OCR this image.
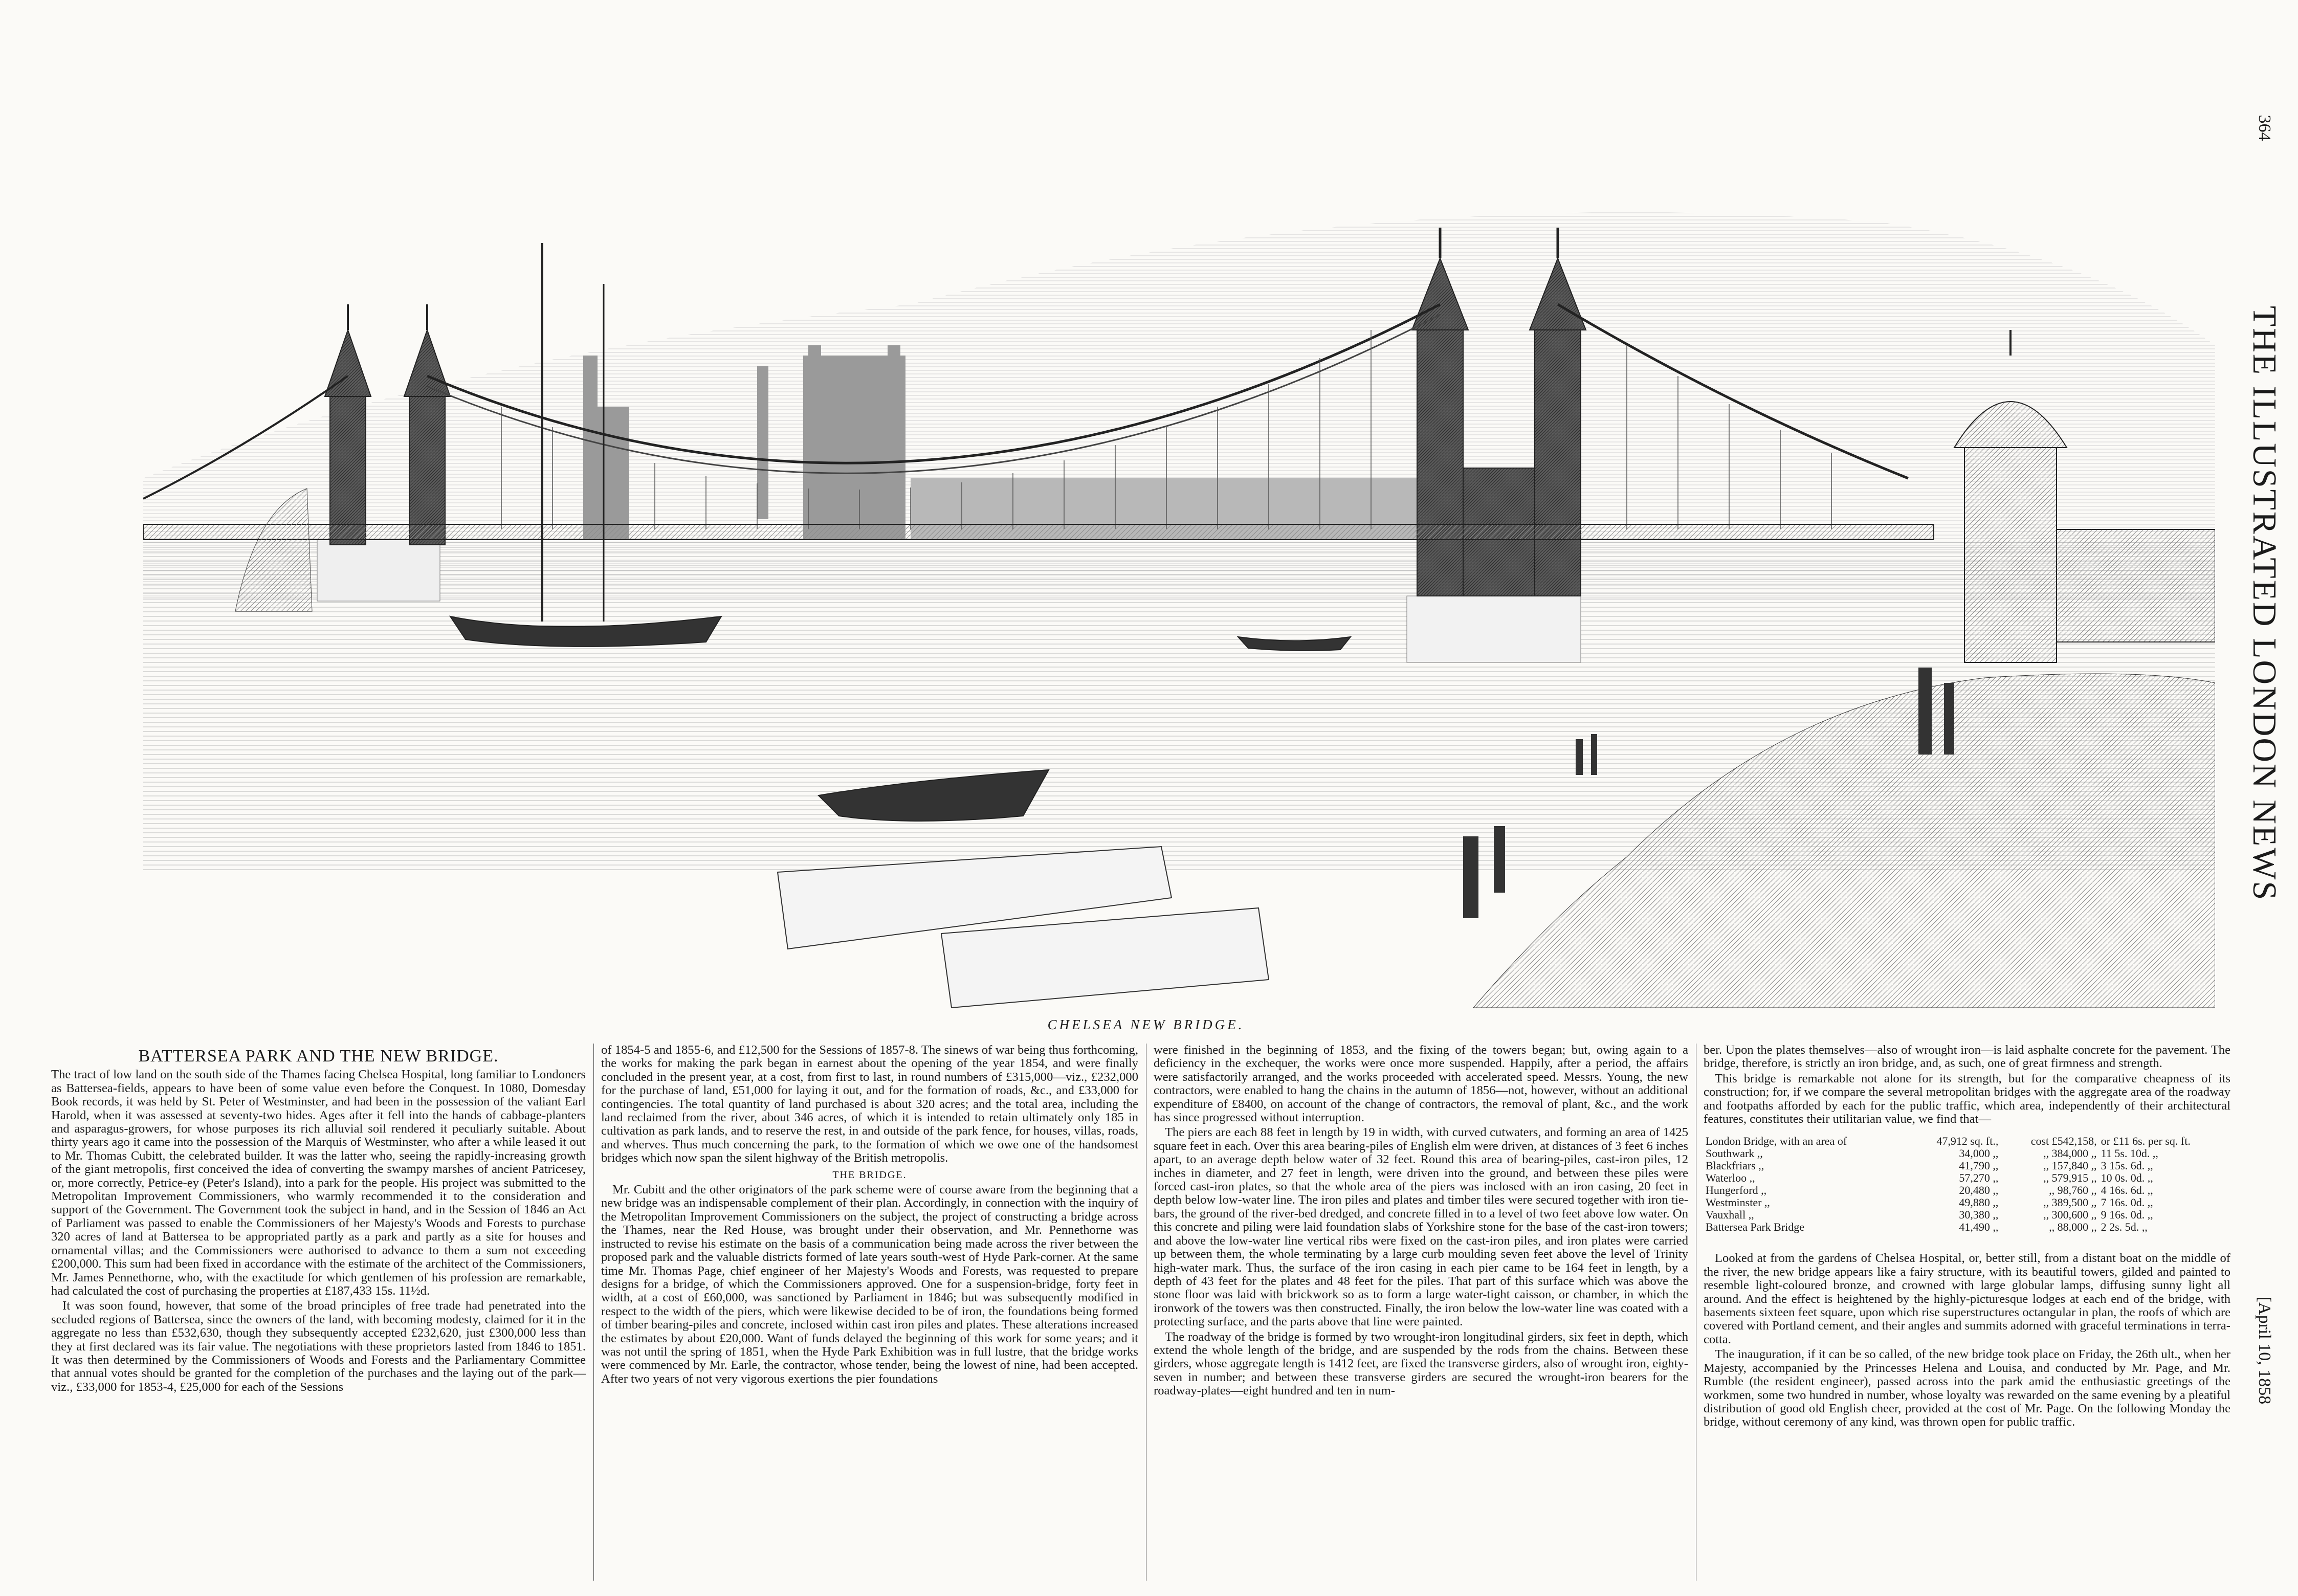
CHELSEA NEW BRIDGE.
364
THE ILLUSTRATED LONDON NEWS
[April 10, 1858
BATTERSEA PARK AND THE NEW BRIDGE.

The tract of low land on the south side of the Thames facing Chelsea Hospital, long familiar to Londoners as Battersea-fields, appears to have been of some value even before the Conquest. In 1080, Domesday Book records, it was held by St. Peter of Westminster, and had been in the possession of the valiant Earl Harold, when it was assessed at seventy-two hides. Ages after it fell into the hands of cabbage-planters and asparagus-growers, for whose purposes its rich alluvial soil rendered it peculiarly suitable. About thirty years ago it came into the possession of the Marquis of Westminster, who after a while leased it out to Mr. Thomas Cubitt, the celebrated builder. It was the latter who, seeing the rapidly-increasing growth of the giant metropolis, first conceived the idea of converting the swampy marshes of ancient Patricesey, or, more correctly, Petrice-ey (Peter's Island), into a park for the people. His project was submitted to the Metropolitan Improvement Commissioners, who warmly recommended it to the consideration and support of the Government. The Government took the subject in hand, and in the Session of 1846 an Act of Parliament was passed to enable the Commissioners of her Majesty's Woods and Forests to purchase 320 acres of land at Battersea to be appropriated partly as a park and partly as a site for houses and ornamental villas; and the Commissioners were authorised to advance to them a sum not exceeding £200,000. This sum had been fixed in accordance with the estimate of the architect of the Commissioners, Mr. James Pennethorne, who, with the exactitude for which gentlemen of his profession are remarkable, had calculated the cost of purchasing the properties at £187,433 15s. 11½d.

It was soon found, however, that some of the broad principles of free trade had penetrated into the secluded regions of Battersea, since the owners of the land, with becoming modesty, claimed for it in the aggregate no less than £532,630, though they subsequently accepted £232,620, just £300,000 less than they at first declared was its fair value. The negotiations with these proprietors lasted from 1846 to 1851. It was then determined by the Commissioners of Woods and Forests and the Parliamentary Committee that annual votes should be granted for the completion of the purchases and the laying out of the park—viz., £33,000 for 1853-4, £25,000 for each of the Sessions

of 1854-5 and 1855-6, and £12,500 for the Sessions of 1857-8. The sinews of war being thus forthcoming, the works for making the park began in earnest about the opening of the year 1854, and were finally concluded in the present year, at a cost, from first to last, in round numbers of £315,000—viz., £232,000 for the purchase of land, £51,000 for laying it out, and for the formation of roads, &c., and £33,000 for contingencies. The total quantity of land purchased is about 320 acres; and the total area, including the land reclaimed from the river, about 346 acres, of which it is intended to retain ultimately only 185 in cultivation as park lands, and to reserve the rest, in and outside of the park fence, for houses, villas, roads, and wherves. Thus much concerning the park, to the formation of which we owe one of the handsomest bridges which now span the silent highway of the British metropolis.

THE BRIDGE.

Mr. Cubitt and the other originators of the park scheme were of course aware from the beginning that a new bridge was an indispensable complement of their plan. Accordingly, in connection with the inquiry of the Metropolitan Improvement Commissioners on the subject, the project of constructing a bridge across the Thames, near the Red House, was brought under their observation, and Mr. Pennethorne was instructed to revise his estimate on the basis of a communication being made across the river between the proposed park and the valuable districts formed of late years south-west of Hyde Park-corner. At the same time Mr. Thomas Page, chief engineer of her Majesty's Woods and Forests, was requested to prepare designs for a bridge, of which the Commissioners approved. One for a suspension-bridge, forty feet in width, at a cost of £60,000, was sanctioned by Parliament in 1846; but was subsequently modified in respect to the width of the piers, which were likewise decided to be of iron, the foundations being formed of timber bearing-piles and concrete, inclosed within cast iron piles and plates. These alterations increased the estimates by about £20,000. Want of funds delayed the beginning of this work for some years; and it was not until the spring of 1851, when the Hyde Park Exhibition was in full lustre, that the bridge works were commenced by Mr. Earle, the contractor, whose tender, being the lowest of nine, had been accepted. After two years of not very vigorous exertions the pier foundations

were finished in the beginning of 1853, and the fixing of the towers began; but, owing again to a deficiency in the exchequer, the works were once more suspended. Happily, after a period, the affairs were satisfactorily arranged, and the works proceeded with accelerated speed. Messrs. Young, the new contractors, were enabled to hang the chains in the autumn of 1856—not, however, without an additional expenditure of £8400, on account of the change of contractors, the removal of plant, &c., and the work has since progressed without interruption.

The piers are each 88 feet in length by 19 in width, with curved cutwaters, and forming an area of 1425 square feet in each. Over this area bearing-piles of English elm were driven, at distances of 3 feet 6 inches apart, to an average depth below water of 32 feet. Round this area of bearing-piles, cast-iron piles, 12 inches in diameter, and 27 feet in length, were driven into the ground, and between these piles were forced cast-iron plates, so that the whole area of the piers was inclosed with an iron casing, 20 feet in depth below low-water line. The iron piles and plates and timber tiles were secured together with iron tie-bars, the ground of the river-bed dredged, and concrete filled in to a level of two feet above low water. On this concrete and piling were laid foundation slabs of Yorkshire stone for the base of the cast-iron towers; and above the low-water line vertical ribs were fixed on the cast-iron piles, and iron plates were carried up between them, the whole terminating by a large curb moulding seven feet above the level of Trinity high-water mark. Thus, the surface of the iron casing in each pier came to be 164 feet in length, by a depth of 43 feet for the plates and 48 feet for the piles. That part of this surface which was above the stone floor was laid with brickwork so as to form a large water-tight caisson, or chamber, in which the ironwork of the towers was then constructed. Finally, the iron below the low-water line was coated with a protecting surface, and the parts above that line were painted.

The roadway of the bridge is formed by two wrought-iron longitudinal girders, six feet in depth, which extend the whole length of the bridge, and are suspended by the rods from the chains. Between these girders, whose aggregate length is 1412 feet, are fixed the transverse girders, also of wrought iron, eighty-seven in number; and between these transverse girders are secured the wrought-iron bearers for the roadway-plates—eight hundred and ten in num-

ber. Upon the plates themselves—also of wrought iron—is laid asphalte concrete for the pavement. The bridge, therefore, is strictly an iron bridge, and, as such, one of great firmness and strength.

This bridge is remarkable not alone for its strength, but for the comparative cheapness of its construction; for, if we compare the several metropolitan bridges with the aggregate area of the roadway and footpaths afforded by each for the public traffic, which area, independently of their architectural features, constitutes their utilitarian value, we find that—

London Bridge, with an area of	47,912 sq. ft.,	cost £542,158,	or £11 6s. per sq. ft.
Southwark ,,	34,000 ,,	,, 384,000 ,,	11 5s. 10d. ,,
Blackfriars ,,	41,790 ,,	,, 157,840 ,,	3 15s. 6d. ,,
Waterloo ,,	57,270 ,,	,, 579,915 ,,	10 0s. 0d. ,,
Hungerford ,,	20,480 ,,	,, 98,760 ,,	4 16s. 6d. ,,
Westminster ,,	49,880 ,,	,, 389,500 ,,	7 16s. 0d. ,,
Vauxhall ,,	30,380 ,,	,, 300,600 ,,	9 16s. 0d. ,,
Battersea Park Bridge	41,490 ,,	,, 88,000 ,,	2 2s. 5d. ,,

Looked at from the gardens of Chelsea Hospital, or, better still, from a distant boat on the middle of the river, the new bridge appears like a fairy structure, with its beautiful towers, gilded and painted to resemble light-coloured bronze, and crowned with large globular lamps, diffusing sunny light all around. And the effect is heightened by the highly-picturesque lodges at each end of the bridge, with basements sixteen feet square, upon which rise superstructures octangular in plan, the roofs of which are covered with Portland cement, and their angles and summits adorned with graceful terminations in terra-cotta.

The inauguration, if it can be so called, of the new bridge took place on Friday, the 26th ult., when her Majesty, accompanied by the Princesses Helena and Louisa, and conducted by Mr. Page, and Mr. Rumble (the resident engineer), passed across into the park amid the enthusiastic greetings of the workmen, some two hundred in number, whose loyalty was rewarded on the same evening by a pleatiful distribution of good old English cheer, provided at the cost of Mr. Page. On the following Monday the bridge, without ceremony of any kind, was thrown open for public traffic.
